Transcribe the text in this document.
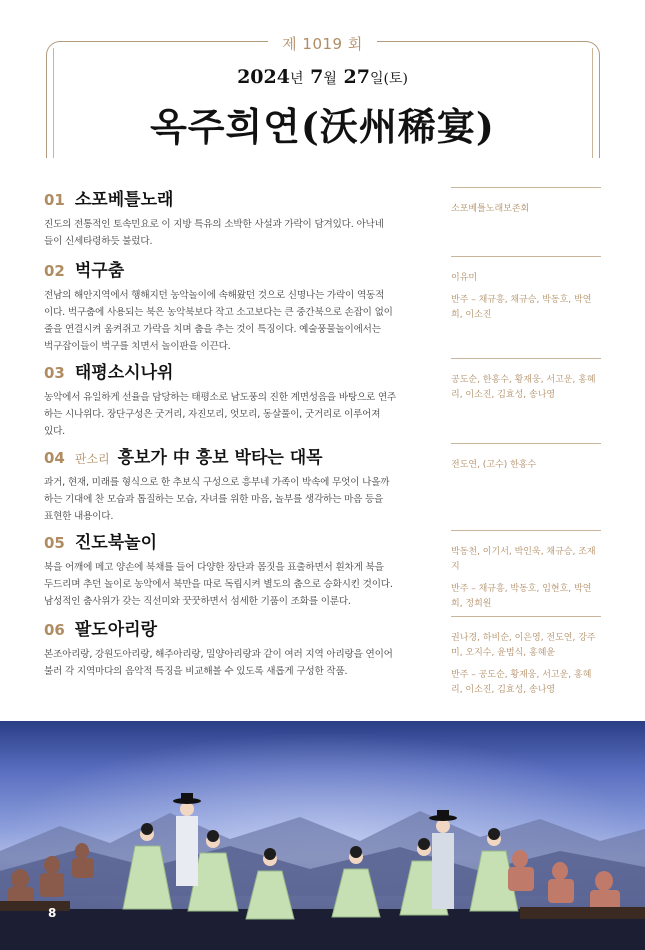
제 1019 회
2024년 7월 27일(토)
옥주희연(沃州稀宴)
01 소포베틀노래
진도의 전통적인 토속민요로 이 지방 특유의 소박한 사설과 가락이 담겨있다. 아낙네
들이 신세타령하듯 불렀다.
02 벅구춤
전남의 해안지역에서 행해지던 농악놀이에 속해왔던 것으로 신명나는 가락이 역동적
이다. 벅구춤에 사용되는 북은 농악북보다 작고 소고보다는 큰 중간북으로 손잡이 없이
줄을 연결시켜 움켜쥐고 가락을 치며 춤을 추는 것이 특징이다. 예술풍물놀이에서는
벅구잡이들이 벅구를 치면서 놀이판을 이끈다.
03 태평소시나위
농악에서 유일하게 선율을 담당하는 태평소로 남도풍의 진한 계면성음을 바탕으로 연주
하는 시나위다. 장단구성은 굿거리, 자진모리, 엇모리, 동살풀이, 굿거리로 이루어져
있다.
04 판소리 흥보가 中 흥보 박타는 대목
과거, 현재, 미래를 형식으로 한 추보식 구성으로 흥부네 가족이 박속에 무엇이 나올까
하는 기대에 찬 모습과 톱질하는 모습, 자녀를 위한 마음, 놀부를 생각하는 마음 등을
표현한 내용이다.
05 진도북놀이
북을 어깨에 메고 양손에 북채를 들어 다양한 장단과 몸짓을 표출하면서 흰차게 북을
두드리며 추던 놀이로 농악에서 북만을 따로 독립시켜 별도의 춤으로 승화시킨 것이다.
남성적인 춤사위가 갖는 직선미와 꿋꿋하면서 섬세한 기품이 조화를 이룬다.
06 팔도아리랑
본조아리랑, 강원도아리랑, 해주아리랑, 밀양아리랑과 같이 여러 지역 아리랑을 연이어
불러 각 지역마다의 음악적 특징을 비교해볼 수 있도록 새롭게 구성한 작품.

소포베틀노래보존회

이유미

반주 – 채규흥, 채규승, 박동호, 박연희, 이소진

공도순, 한홍수, 황재웅, 서고운, 홍혜리, 이소진, 김효성, 송나영

전도연, (고수) 한홍수

박동천, 이기서, 박인욱, 채규승, 조재지

반주 – 채규흥, 박동호, 임현호, 박연희, 정희원

권나경, 하비순, 이은영, 전도연, 강주미, 오지수, 윤범식, 홍혜윤

반주 – 공도순, 황재웅, 서고운, 홍혜리, 이소진, 김효성, 송나영

8
